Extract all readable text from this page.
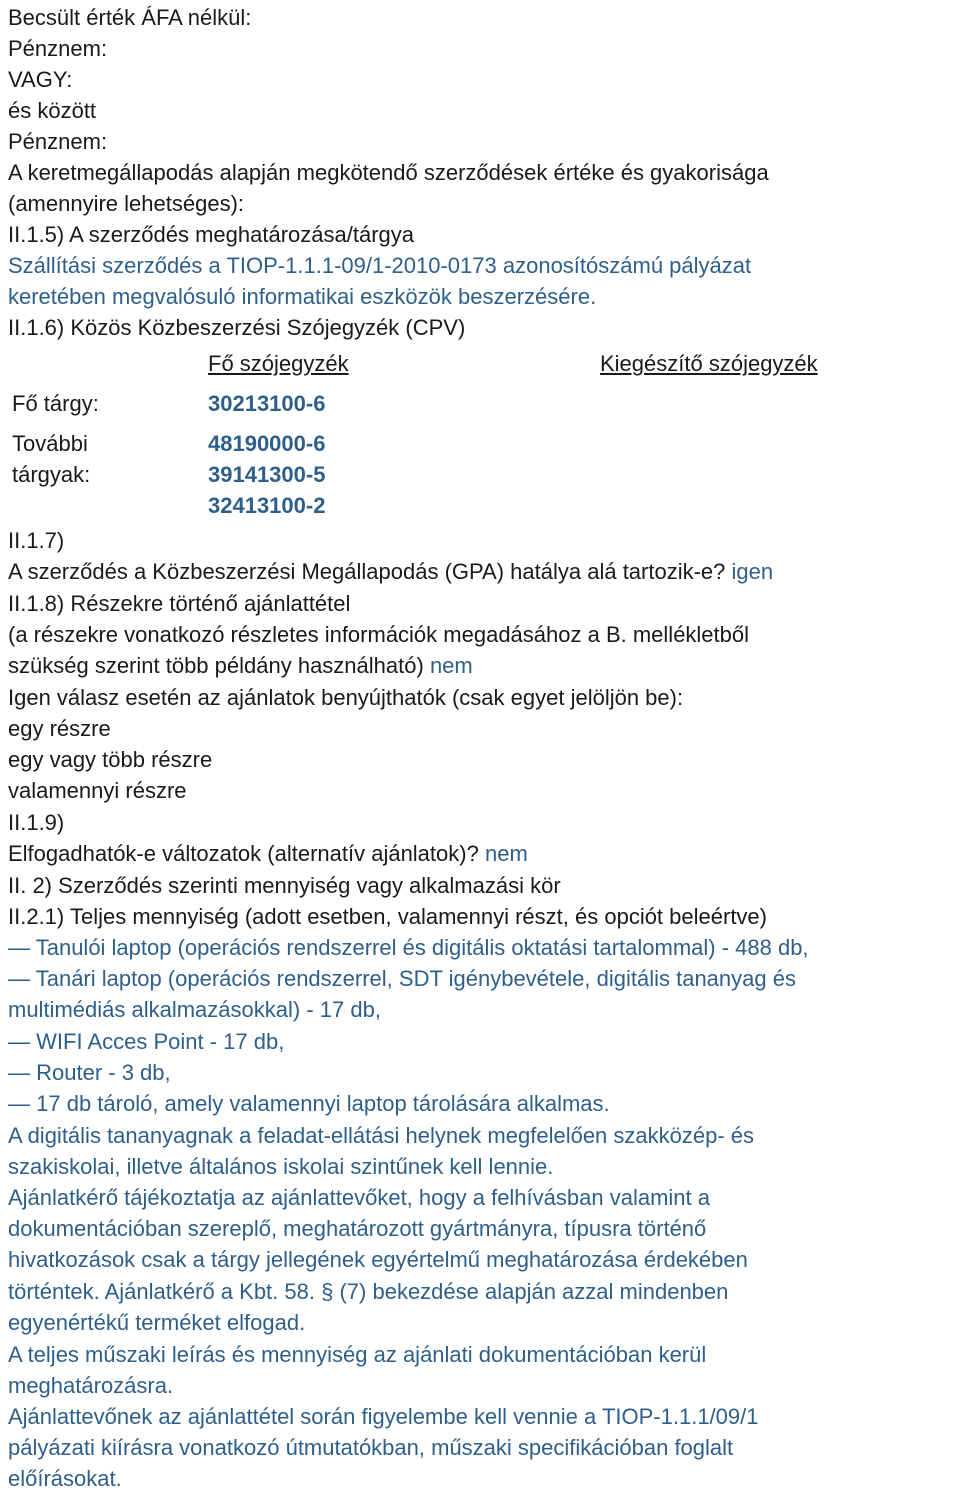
Becsült érték ÁFA nélkül:
Pénznem:
VAGY:
és között
Pénznem:
A keretmegállapodás alapján megkötendő szerződések értéke és gyakorisága
(amennyire lehetséges):
II.1.5) A szerződés meghatározása/tárgya
Szállítási szerződés a TIOP-1.1.1-09/1-2010-0173 azonosítószámú pályázat
keretében megvalósuló informatikai eszközök beszerzésére.
II.1.6) Közös Közbeszerzési Szójegyzék (CPV)
Fő szójegyzék	Kiegészítő szójegyzék
Fő tárgy:	30213100-6
További
tárgyak:
48190000-6
39141300-5
32413100-2
II.1.7)
A szerződés a Közbeszerzési Megállapodás (GPA) hatálya alá tartozik-e? igen
II.1.8) Részekre történő ajánlattétel
(a részekre vonatkozó részletes információk megadásához a B. mellékletből
szükség szerint több példány használható) nem
Igen válasz esetén az ajánlatok benyújthatók (csak egyet jelöljön be):
egy részre
egy vagy több részre
valamennyi részre
II.1.9)
Elfogadhatók-e változatok (alternatív ajánlatok)? nem
II. 2) Szerződés szerinti mennyiség vagy alkalmazási kör
II.2.1) Teljes mennyiség (adott esetben, valamennyi részt, és opciót beleértve)
— Tanulói laptop (operációs rendszerrel és digitális oktatási tartalommal) - 488 db,
— Tanári laptop (operációs rendszerrel, SDT igénybevétele, digitális tananyag és
multimédiás alkalmazásokkal) - 17 db,
— WIFI Acces Point - 17 db,
— Router - 3 db,
— 17 db tároló, amely valamennyi laptop tárolására alkalmas.
A digitális tananyagnak a feladat-ellátási helynek megfelelően szakközép- és
szakiskolai, illetve általános iskolai szintűnek kell lennie.
Ajánlatkérő tájékoztatja az ajánlattevőket, hogy a felhívásban valamint a
dokumentációban szereplő, meghatározott gyártmányra, típusra történő
hivatkozások csak a tárgy jellegének egyértelmű meghatározása érdekében
történtek. Ajánlatkérő a Kbt. 58. § (7) bekezdése alapján azzal mindenben
egyenértékű terméket elfogad.
A teljes műszaki leírás és mennyiség az ajánlati dokumentációban kerül
meghatározásra.
Ajánlattevőnek az ajánlattétel során figyelembe kell vennie a TIOP-1.1.1/09/1
pályázati kiírásra vonatkozó útmutatókban, műszaki specifikációban foglalt
előírásokat.
